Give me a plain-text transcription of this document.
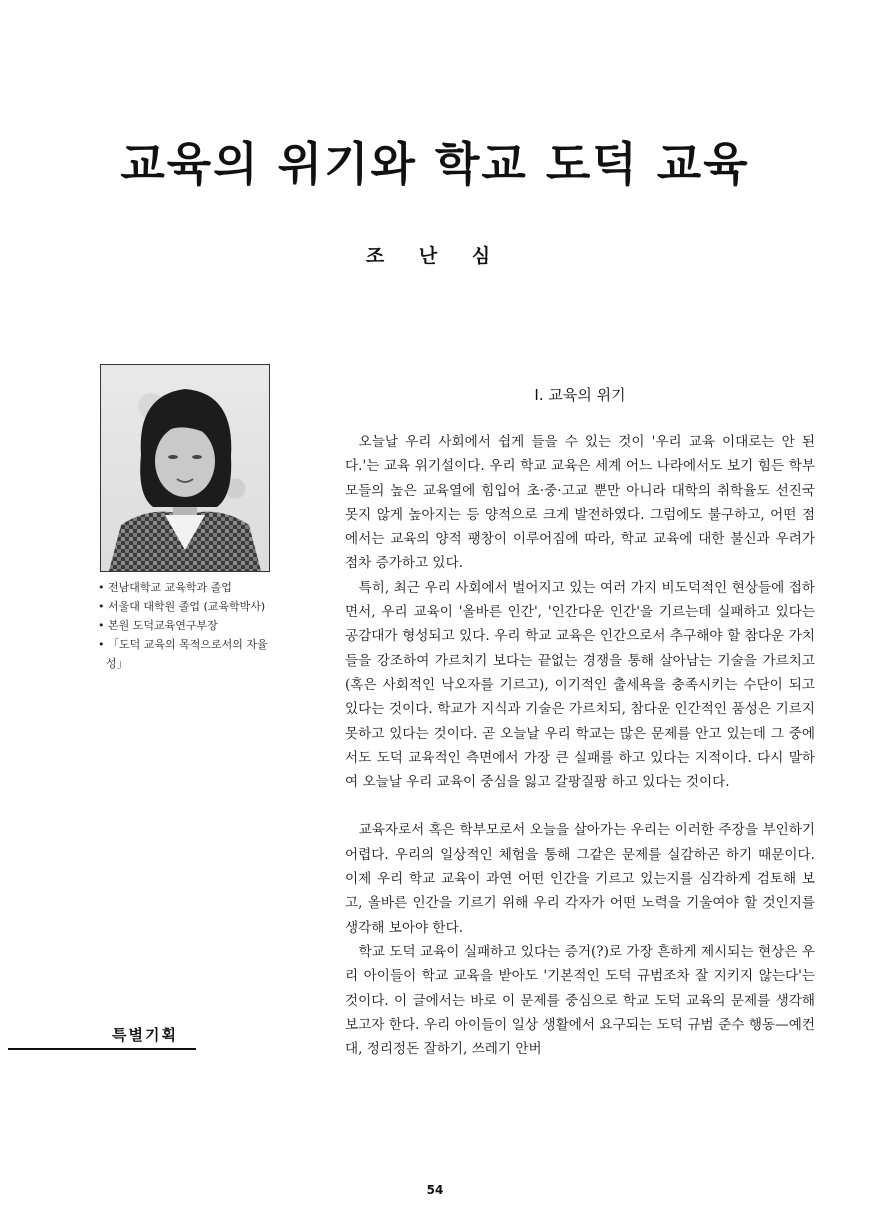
교육의 위기와 학교 도덕 교육
조 난 심
• 전남대학교 교육학과 졸업
• 서울대 대학원 졸업 (교육학박사)
• 본원 도덕교육연구부장
• 「도덕 교육의 목적으로서의 자율성」
특별기획
Ⅰ. 교육의 위기

오늘날 우리 사회에서 쉽게 들을 수 있는 것이 '우리 교육 이대로는 안 된다.'는 교육 위기설이다. 우리 학교 교육은 세계 어느 나라에서도 보기 힘든 학부모들의 높은 교육열에 힘입어 초·중·고교 뿐만 아니라 대학의 취학율도 선진국 못지 않게 높아지는 등 양적으로 크게 발전하였다. 그럼에도 불구하고, 어떤 점에서는 교육의 양적 팽창이 이루어짐에 따라, 학교 교육에 대한 불신과 우려가 점차 증가하고 있다.

특히, 최근 우리 사회에서 벌어지고 있는 여러 가지 비도덕적인 현상들에 접하면서, 우리 교육이 '올바른 인간', '인간다운 인간'을 기르는데 실패하고 있다는 공감대가 형성되고 있다. 우리 학교 교육은 인간으로서 추구해야 할 참다운 가치들을 강조하여 가르치기 보다는 끝없는 경쟁을 통해 살아남는 기술을 가르치고(혹은 사회적인 낙오자를 기르고), 이기적인 출세욕을 충족시키는 수단이 되고 있다는 것이다. 학교가 지식과 기술은 가르치되, 참다운 인간적인 품성은 기르지 못하고 있다는 것이다. 곧 오늘날 우리 학교는 많은 문제를 안고 있는데 그 중에서도 도덕 교육적인 측면에서 가장 큰 실패를 하고 있다는 지적이다. 다시 말하여 오늘날 우리 교육이 중심을 잃고 갈팡질팡 하고 있다는 것이다.

교육자로서 혹은 학부모로서 오늘을 살아가는 우리는 이러한 주장을 부인하기 어렵다. 우리의 일상적인 체험을 통해 그같은 문제를 실감하곤 하기 때문이다. 이제 우리 학교 교육이 과연 어떤 인간을 기르고 있는지를 심각하게 검토해 보고, 올바른 인간을 기르기 위해 우리 각자가 어떤 노력을 기울여야 할 것인지를 생각해 보아야 한다.

학교 도덕 교육이 실패하고 있다는 증거(?)로 가장 흔하게 제시되는 현상은 우리 아이들이 학교 교육을 받아도 '기본적인 도덕 규범조차 잘 지키지 않는다'는 것이다. 이 글에서는 바로 이 문제를 중심으로 학교 도덕 교육의 문제를 생각해 보고자 한다. 우리 아이들이 일상 생활에서 요구되는 도덕 규범 준수 행동—예컨대, 정리정돈 잘하기, 쓰레기 안버

54
